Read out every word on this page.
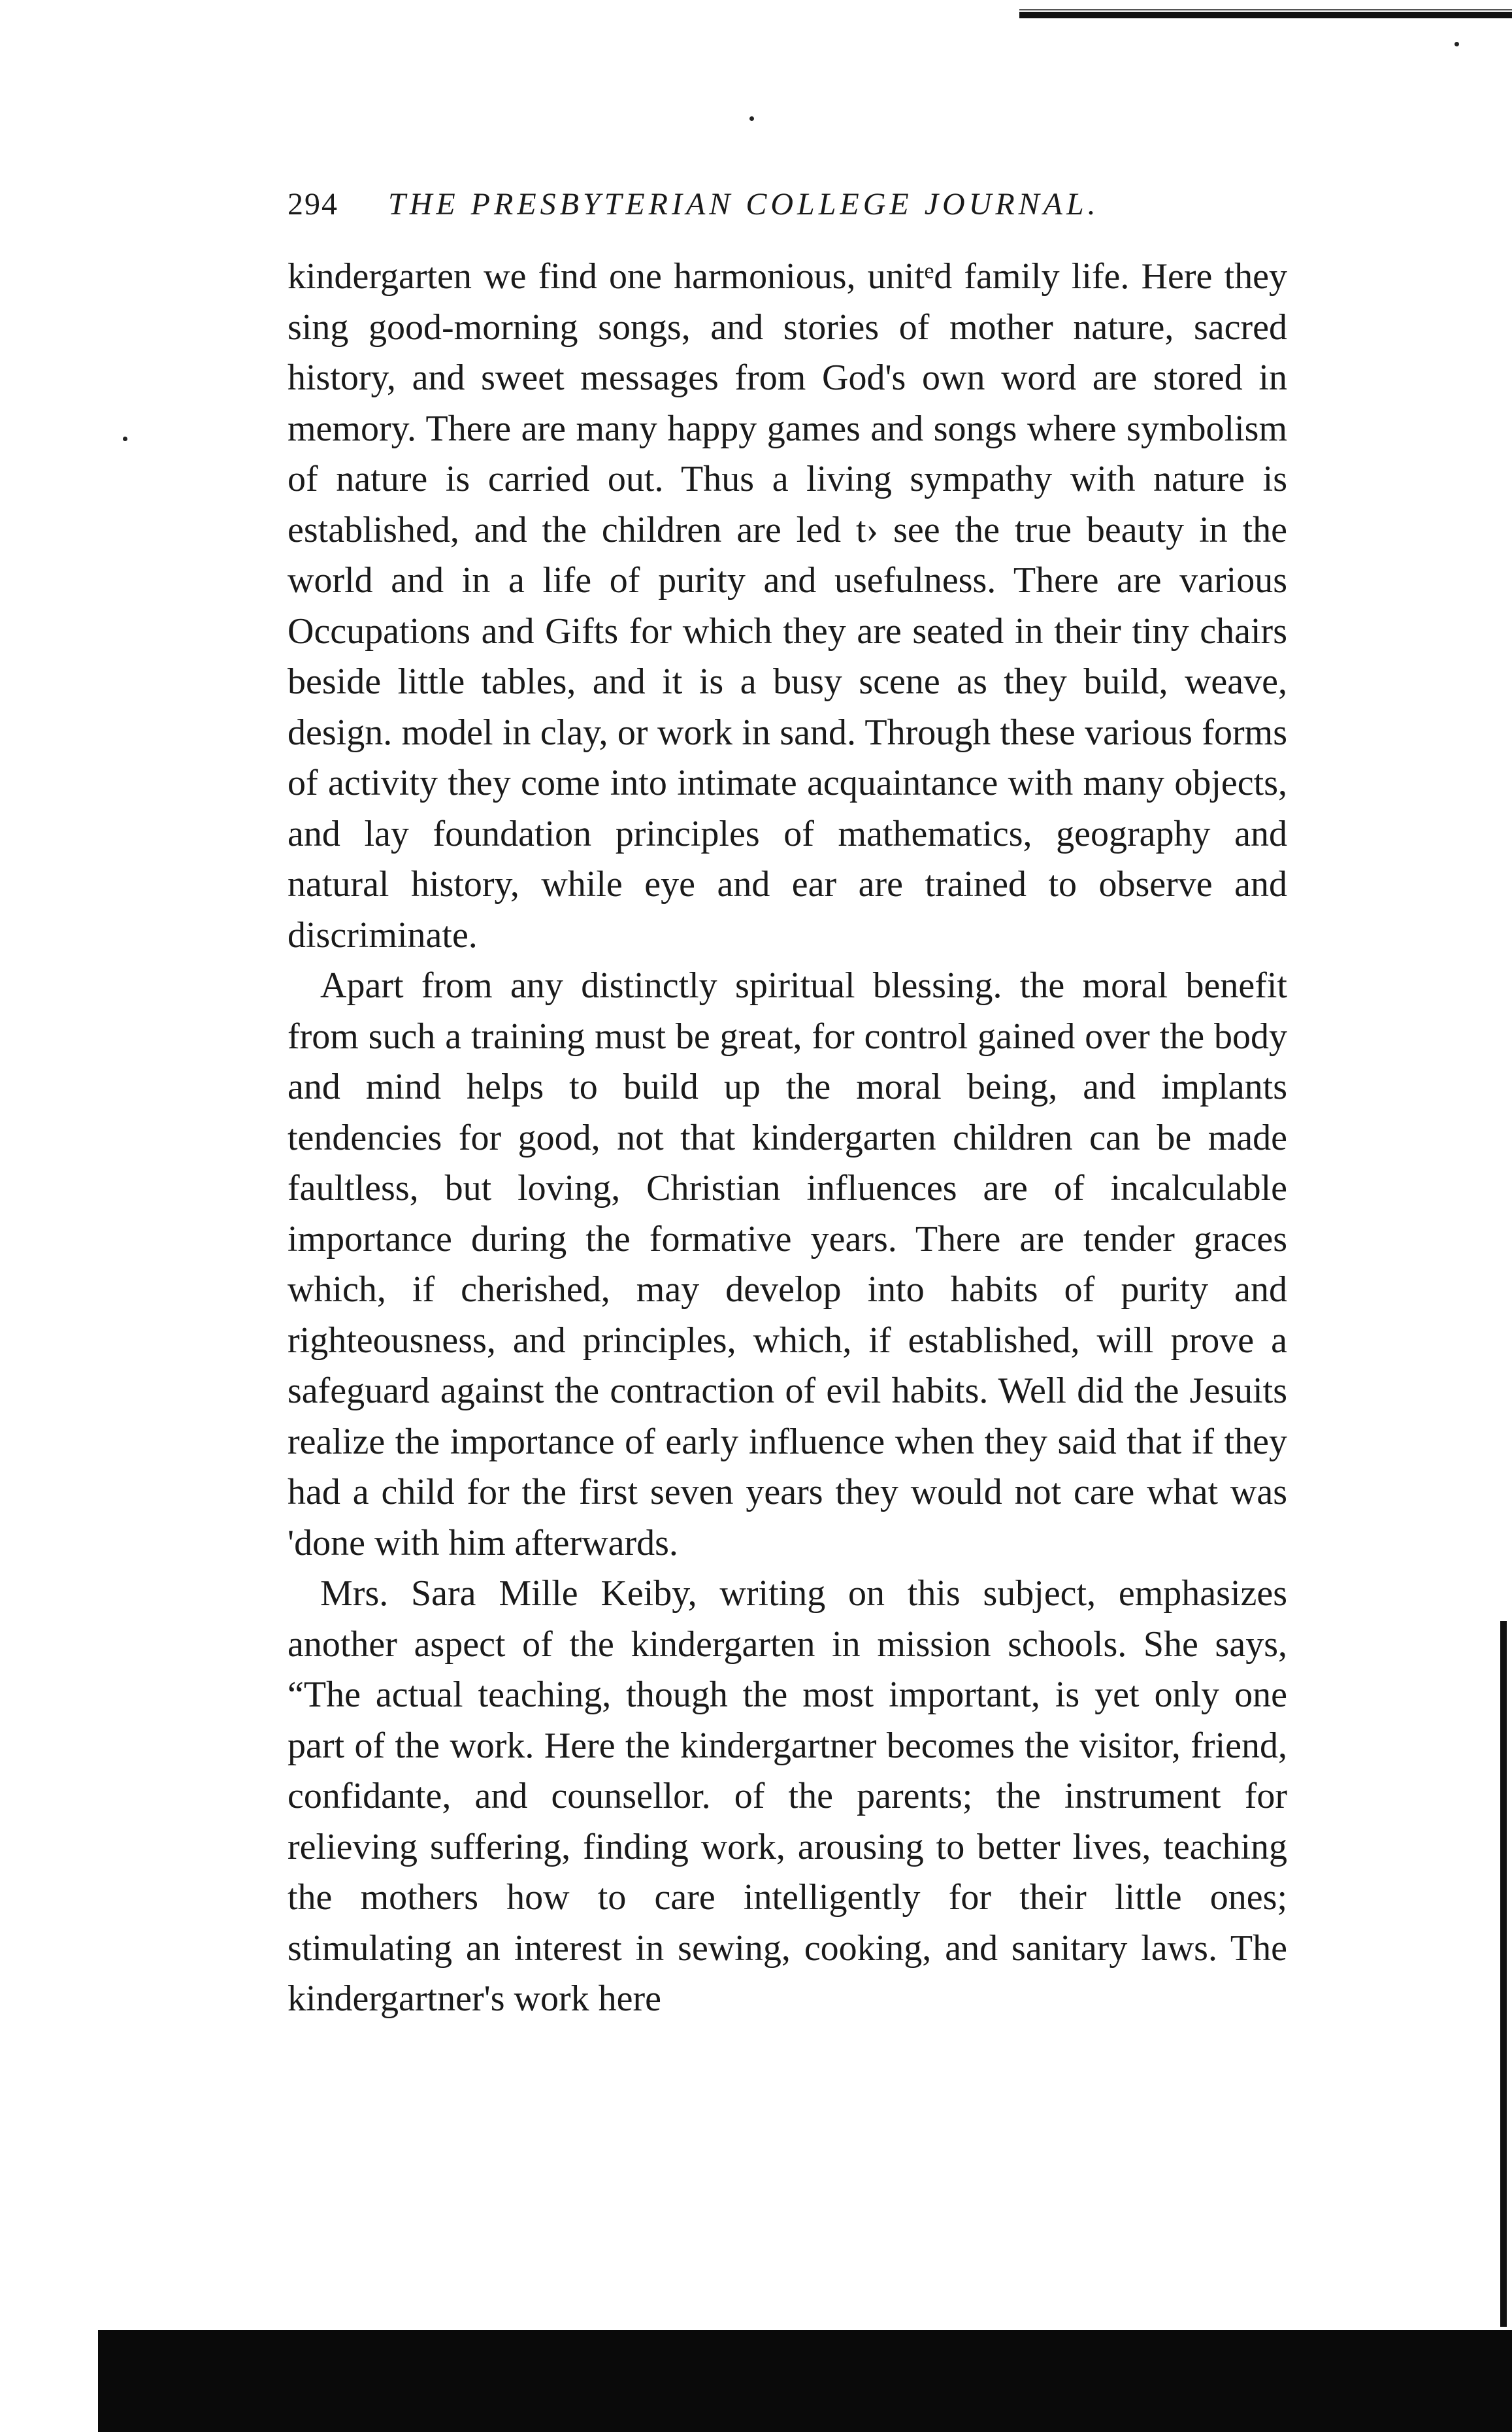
294 THE PRESBYTERIAN COLLEGE JOURNAL.

kindergarten we find one harmonious, unitᵉd family life. Here they sing good-morning songs, and stories of mother nature, sacred history, and sweet messages from God's own word are stored in memory. There are many happy games and songs where symbolism of nature is carried out. Thus a living sympathy with nature is established, and the children are led t› see the true beauty in the world and in a life of purity and usefulness. There are various Occupations and Gifts for which they are seated in their tiny chairs beside little tables, and it is a busy scene as they build, weave, design. model in clay, or work in sand. Through these various forms of activity they come into intimate acquaintance with many objects, and lay foundation principles of mathematics, geography and natural history, while eye and ear are trained to observe and discriminate.

Apart from any distinctly spiritual blessing. the moral benefit from such a training must be great, for control gained over the body and mind helps to build up the moral being, and implants tendencies for good, not that kindergarten children can be made faultless, but loving, Christian influences are of incalculable importance during the formative years. There are tender graces which, if cherished, may develop into habits of purity and righteousness, and principles, which, if established, will prove a safeguard against the contraction of evil habits. Well did the Jesuits realize the importance of early influence when they said that if they had a child for the first seven years they would not care what was 'done with him afterwards.

Mrs. Sara Mille Keiby, writing on this subject, emphasizes another aspect of the kindergarten in mission schools. She says, “The actual teaching, though the most important, is yet only one part of the work. Here the kindergartner becomes the visitor, friend, confidante, and counsellor. of the parents; the instrument for relieving suffering, finding work, arousing to better lives, teaching the mothers how to care intelligently for their little ones; stimulating an interest in sewing, cooking, and sanitary laws. The kindergartner's work here
